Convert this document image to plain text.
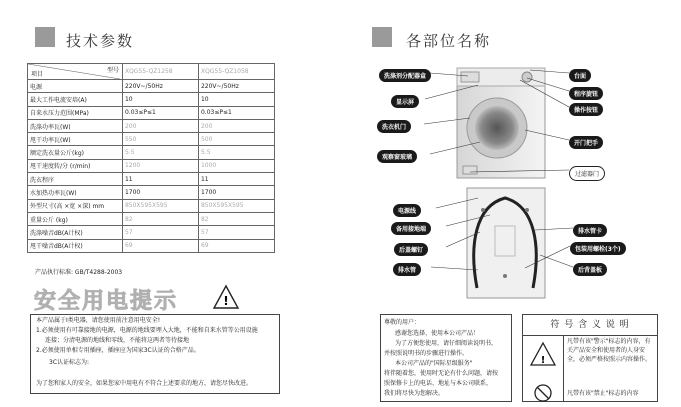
技术参数
型号
项目	XQG55-QZ1258	XQG55-QZ1058
电源	220V~/50Hz	220V~/50Hz
最大工作电流安培(A)	10	10
自来水压力范围(MPa)	0.03≤P≤1	0.03≤P≤1
洗涤功率瓦(W)	200	200
甩干功率瓦(W)	550	500
额定洗衣量公斤(kg)	5.5	5.5
甩干速度转/分 (r/min)	1200	1000
洗衣程序	11	11
水加热功率瓦(W)	1700	1700
外型尺寸(高 ×宽 ×深) mm	850X595X595	850X595X595
重量公斤 (kg)	82	82
洗涤噪音dB(A计权)	57	57
甩干噪音dB(A计权)	69	69
产品执行标准: GB/T4288-2003
安全用电提示	!
本产品属于I类电器，请您使用前注意用电安全!
1.必须使用有可靠接地的电源，电源的地线要埋入大地，不能和自来水管等公用设施
连接；分清电源的地线和零线，不能将这两者等待接地
2.必须使用单相专用插座，插座应为国家3C认证的合格产品。
3C认证标志为:
为了您和家人的安全，如果您家中用电有不符合上述要求的地方，请您尽快改进。
各部位名称
洗涤剂分配器盒
显示屏
洗衣机门
观察窗玻璃
台面
程序旋钮
操作按钮
开门把手
过滤器门
电源线
备用接地端
后盖螺钉
排水管
排水管卡
包装用螺栓(3个)
后背盖板
尊敬的用户：
感谢您选择、使用本公司产品！
为了方便您使用，请仔细阅读说明书，
并按照说明书的步骤进行操作。
本公司产品的"国际星级服务"
将伴随着您，使用时无论有什么问题，请按
照保修卡上的电话、地址与本公司联系，
我们将尽快为您解决。
符 号 含 义 说 明
!

凡带有该"警示"标志的内容，有关产品安全和使用者的人身安全，必须严格按照示内容操作。
凡带有该"禁止"标志的内容
